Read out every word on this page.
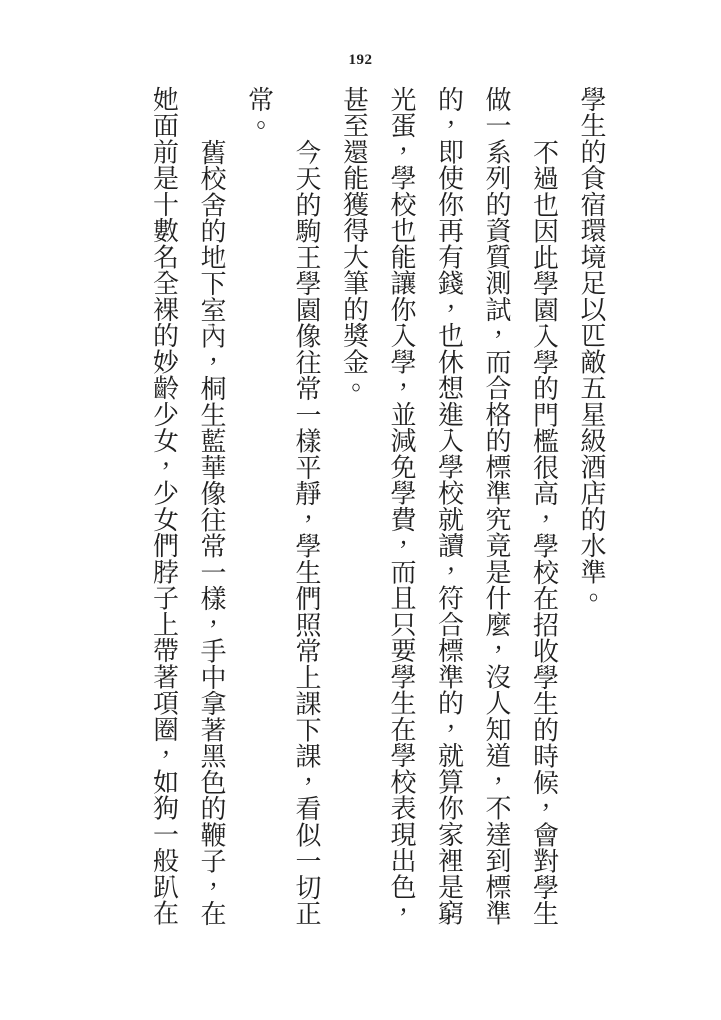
192

學生的食宿環境足以匹敵五星級酒店的水準。

不過也因此學園入學的門檻很高，學校在招收學生的時候，會對學生做一系列的資質測試，而合格的標準究竟是什麼，沒人知道，不達到標準的，即使你再有錢，也休想進入學校就讀，符合標準的，就算你家裡是窮光蛋，學校也能讓你入學，並減免學費，而且只要學生在學校表現出色，甚至還能獲得大筆的獎金。

今天的駒王學園像往常一樣平靜，學生們照常上課下課，看似一切正常。

舊校舍的地下室內，桐生藍華像往常一樣，手中拿著黑色的鞭子，在她面前是十數名全裸的妙齡少女，少女們脖子上帶著項圈，如狗一般趴在
